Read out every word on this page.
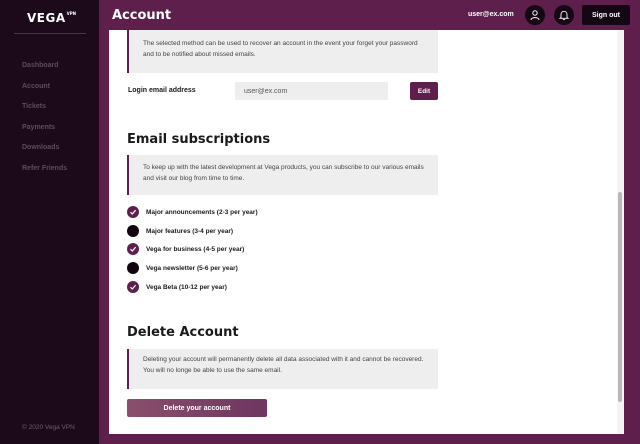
$VEGA^{VPN}$
Dashboard
Account
Tickets
Payments
Downloads
Refer Friends
© 2020 Vega VPN
Account	user@ex.com	Sign out

The selected method can be used to recover an account in the event your forget your password and to be notified about missed emails.

Login email address
user@ex.com	Edit
Email subscriptions

To keep up with the latest development at Vega products, you can subscribe to our various emails and visit our blog from time to time.

Major announcements (2-3 per year)
Major features (3-4 per year)
Vega for business (4-5 per year)
Vega newsletter (5-6 per year)
Vega Beta (10-12 per year)
Delete Account

Deleting your account will permanently delete all data associated with it and cannot be recovered. You will no longe be able to use the same email.

Delete your account
